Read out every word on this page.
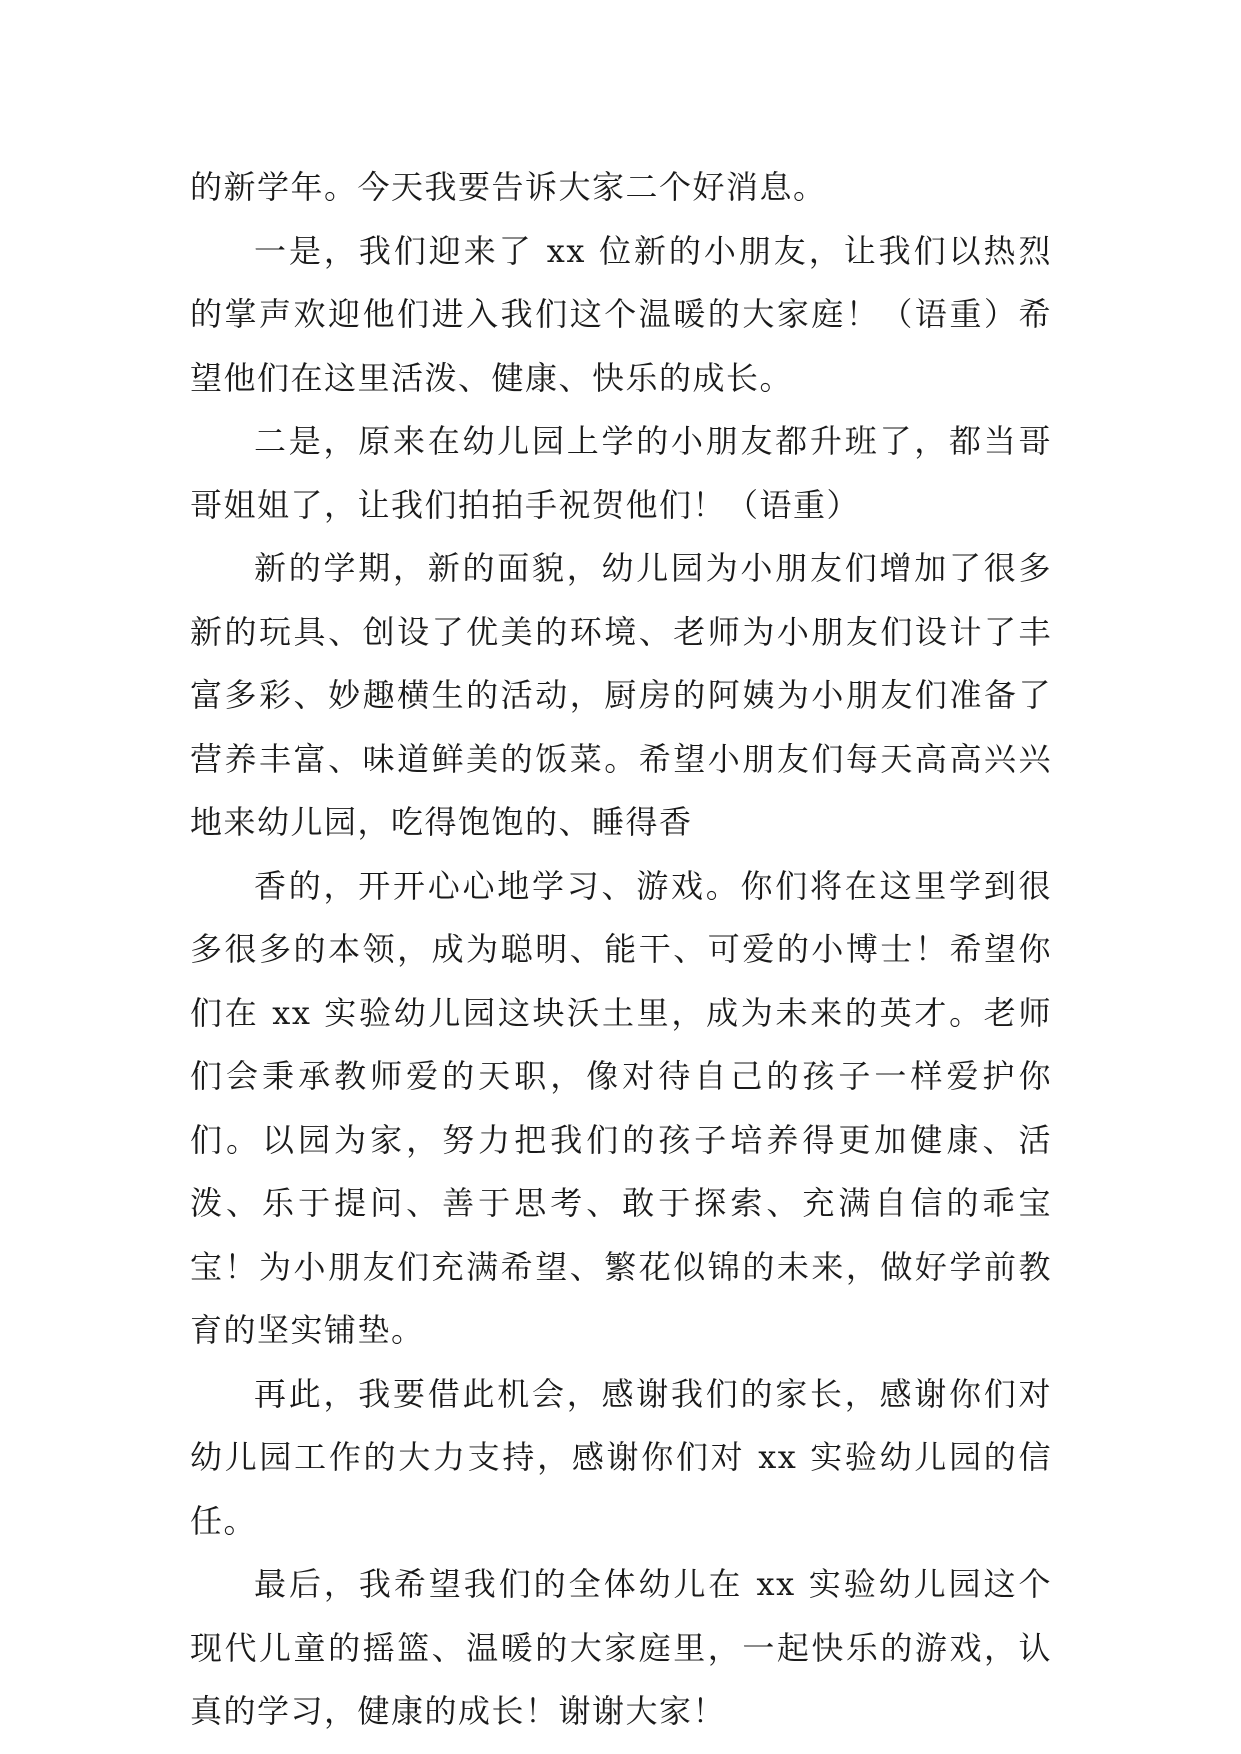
的新学年。今天我要告诉大家二个好消息。

一是，我们迎来了 xx 位新的小朋友，让我们以热烈的掌声欢迎他们进入我们这个温暖的大家庭！（语重）希望他们在这里活泼、健康、快乐的成长。

二是，原来在幼儿园上学的小朋友都升班了，都当哥哥姐姐了，让我们拍拍手祝贺他们！（语重）

新的学期，新的面貌，幼儿园为小朋友们增加了很多新的玩具、创设了优美的环境、老师为小朋友们设计了丰富多彩、妙趣横生的活动，厨房的阿姨为小朋友们准备了营养丰富、味道鲜美的饭菜。希望小朋友们每天高高兴兴地来幼儿园，吃得饱饱的、睡得香

香的，开开心心地学习、游戏。你们将在这里学到很多很多的本领，成为聪明、能干、可爱的小博士！希望你们在 xx 实验幼儿园这块沃土里，成为未来的英才。老师们会秉承教师爱的天职，像对待自己的孩子一样爱护你们。以园为家，努力把我们的孩子培养得更加健康、活泼、乐于提问、善于思考、敢于探索、充满自信的乖宝宝！为小朋友们充满希望、繁花似锦的未来，做好学前教育的坚实铺垫。

再此，我要借此机会，感谢我们的家长，感谢你们对幼儿园工作的大力支持，感谢你们对 xx 实验幼儿园的信任。

最后，我希望我们的全体幼儿在 xx 实验幼儿园这个现代儿童的摇篮、温暖的大家庭里，一起快乐的游戏，认真的学习，健康的成长！谢谢大家！
